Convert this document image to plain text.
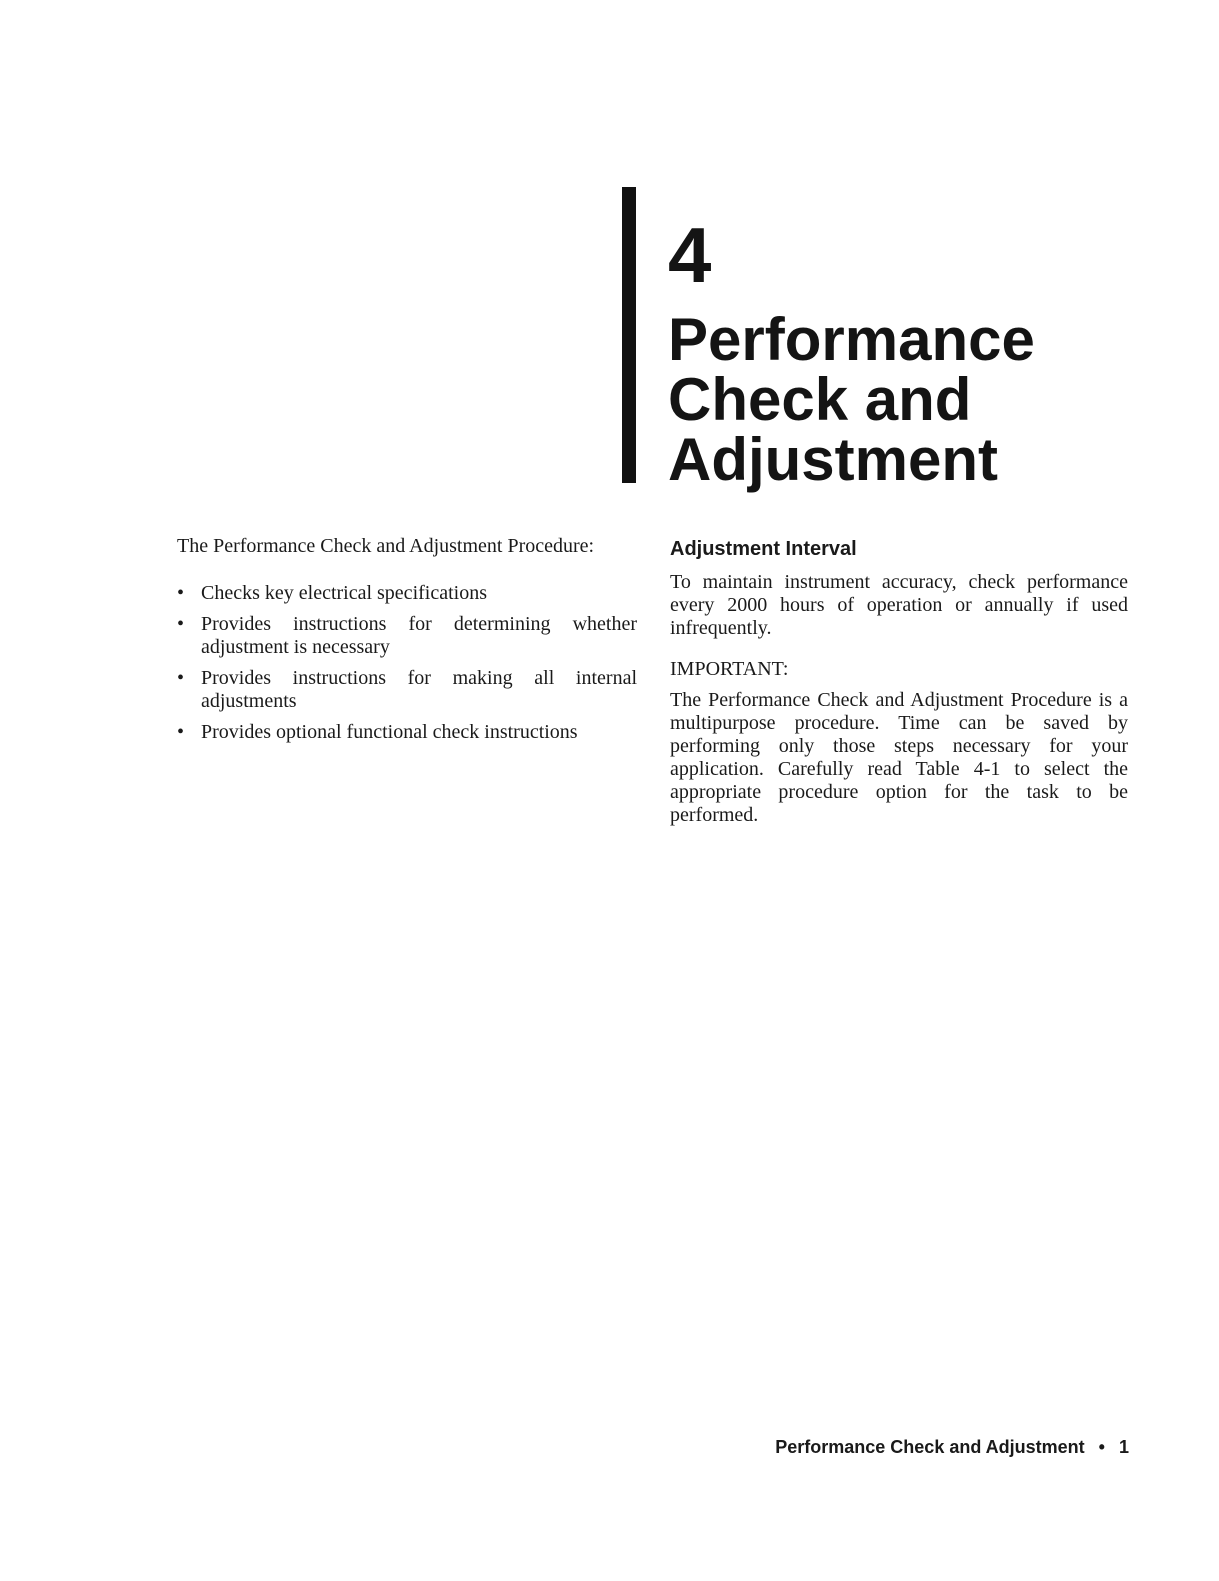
4
Performance
Check and
Adjustment

The Performance Check and Adjustment Procedure:

• Checks key electrical specifications
• Provides instructions for determining whether adjustment is necessary
• Provides instructions for making all internal adjustments
• Provides optional functional check instructions
Adjustment Interval

To maintain instrument accuracy, check performance every 2000 hours of operation or annually if used infrequently.

IMPORTANT:

The Performance Check and Adjustment Procedure is a multipurpose procedure. Time can be saved by performing only those steps necessary for your application. Carefully read Table 4-1 to select the appropriate procedure option for the task to be performed.

Performance Check and Adjustment • 1
